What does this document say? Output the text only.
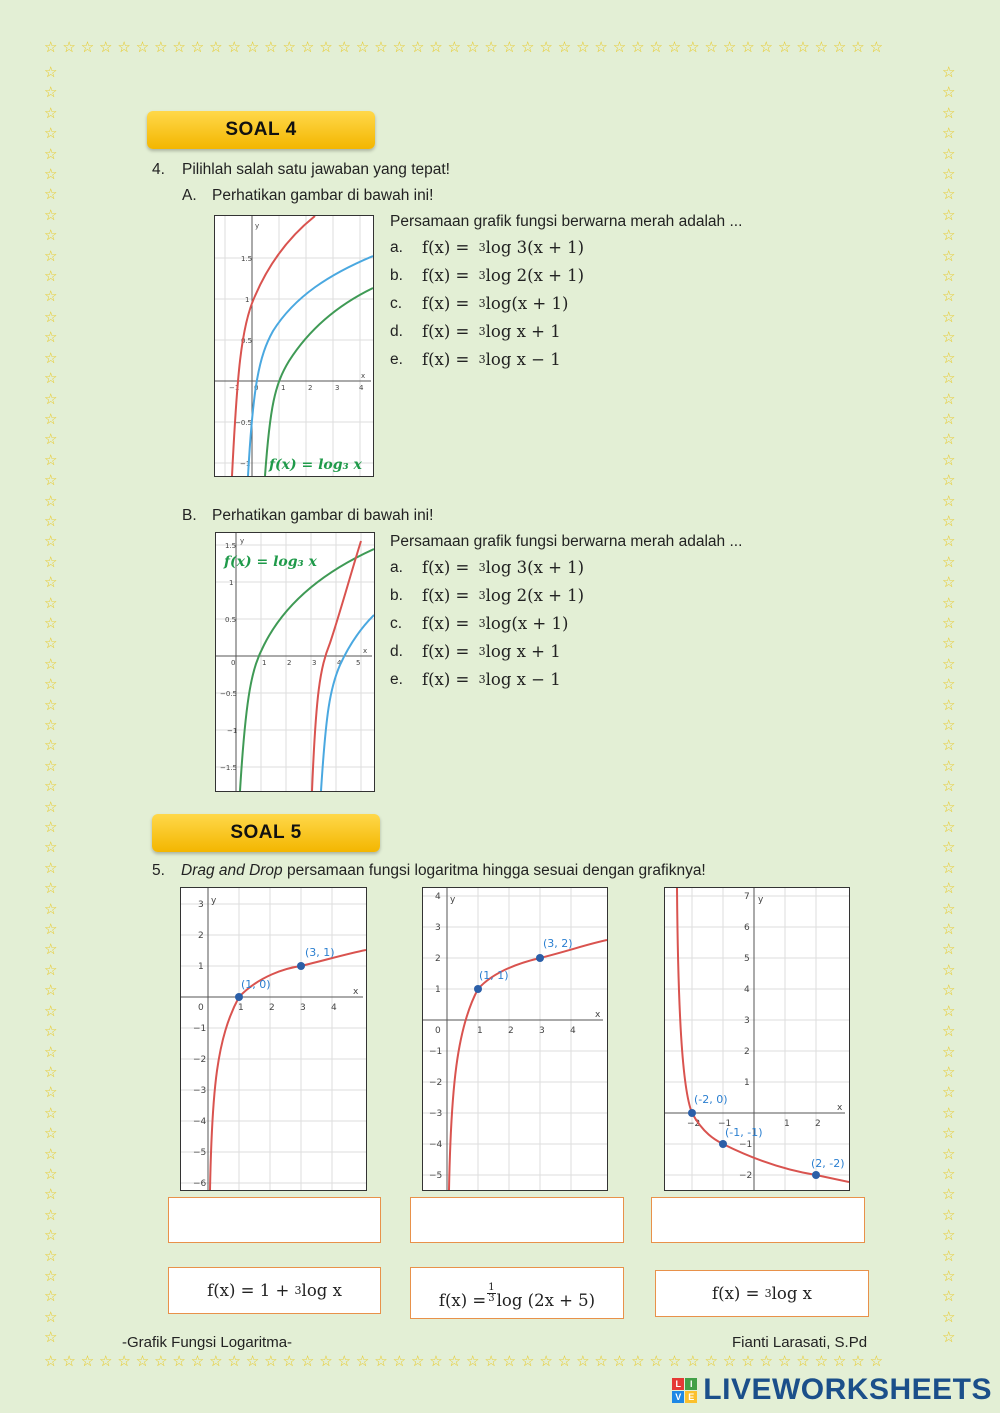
☆☆☆☆☆☆☆☆☆☆☆☆☆☆☆☆☆☆☆☆☆☆☆☆☆☆☆☆☆☆☆☆☆☆☆☆☆☆☆☆☆☆☆☆☆☆
☆☆☆☆☆☆☆☆☆☆☆☆☆☆☆☆☆☆☆☆☆☆☆☆☆☆☆☆☆☆☆☆☆☆☆☆☆☆☆☆☆☆☆☆☆☆
☆
☆
☆
☆
☆
☆
☆
☆
☆
☆
☆
☆
☆
☆
☆
☆
☆
☆
☆
☆
☆
☆
☆
☆
☆
☆
☆
☆
☆
☆
☆
☆
☆
☆
☆
☆
☆
☆
☆
☆
☆
☆
☆
☆
☆
☆
☆
☆
☆
☆
☆
☆
☆
☆
☆
☆
☆
☆
☆
☆
☆
☆
☆

☆
☆
☆
☆
☆
☆
☆
☆
☆
☆
☆
☆
☆
☆
☆
☆
☆
☆
☆
☆
☆
☆
☆
☆
☆
☆
☆
☆
☆
☆
☆
☆
☆
☆
☆
☆
☆
☆
☆
☆
☆
☆
☆
☆
☆
☆
☆
☆
☆
☆
☆
☆
☆
☆
☆
☆
☆
☆
☆
☆
☆
☆
☆

SOAL 4
4. Pilihlah salah satu jawaban yang tepat!
A. Perhatikan gambar di bawah ini!
y
x
1.5
1
0.5
−1 0	1	2	3	4
−0.5
−1 f(x) = log₃ x
Persamaan grafik fungsi berwarna merah adalah ...
a.	f(x) = 3 log 3(x + 1)
b.	f(x) = 3 log 2(x + 1)
c.	f(x) = 3 log(x + 1)
d.	f(x) = 3 log x + 1
e.	f(x) = 3 log x − 1
B. Perhatikan gambar di bawah ini!
1.5
y
1
0.5
0	1	2	3	4 5
x
−0.5
−1
−1.5
f(x) = log₃ x
Persamaan grafik fungsi berwarna merah adalah ...
a.	f(x) = 3 log 3(x + 1)
b.	f(x) = 3 log 2(x + 1)
c.	f(x) = 3 log(x + 1)
d.	f(x) = 3 log x + 1
e.	f(x) = 3 log x − 1
SOAL 5
5. Drag and Drop persamaan fungsi logaritma hingga sesuai dengan grafiknya!
3 y
2
1
0	1	2	3	4
x
−1
−2
−3
−4
−5
−6
(1, 0)
(3, 1)
4 y
3
2
1
0	1	2	3	4
x
−1
−2
−3
−4
−5
(1, 1)
(3, 2)
7 y
6
5
4
3
2
1
−2 −1	1	2
x
−1
−2
(-2, 0)
(-1, -1)
(2, -2)
f(x) = 1 +
3 log x	$f(x) = \frac{1}{3}$ log (2x + 5)	f(x) =
3 log x
-Grafik Fungsi Logaritma-	Fianti Larasati, S.Pd
L I
V E LIVEWORKSHEETS
